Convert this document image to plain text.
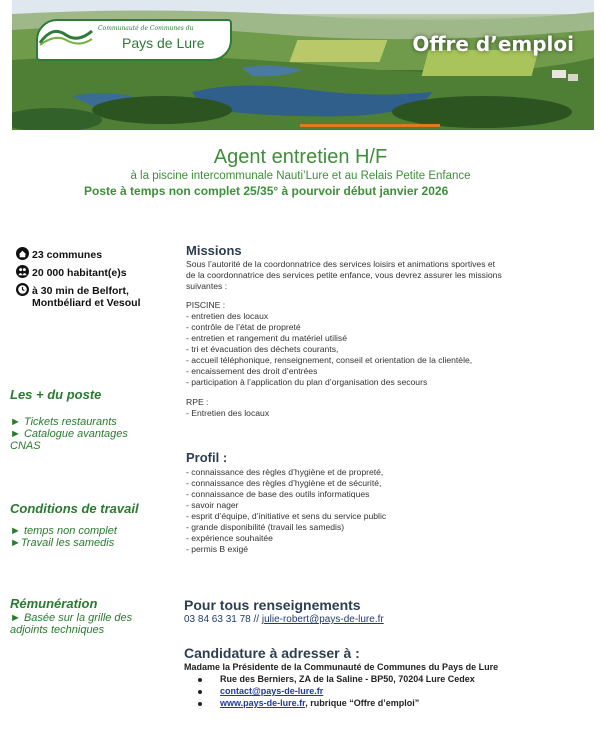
Communauté de Communes du
Pays de Lure	Offre d’emploi
Agent entretien H/F
à la piscine intercommunale Nauti’Lure et au Relais Petite Enfance
Poste à temps non complet 25/35° à pourvoir début janvier 2026
23 communes
20 000 habitant(e)s
à 30 min de Belfort,
Montbéliard et Vesoul
Les + du poste
► Tickets restaurants
► Catalogue avantages
CNAS
Conditions de travail
► temps non complet
►Travail les samedis
Rémunération
► Basée sur la grille des
adjoints techniques
Missions
Sous l’autorité de la coordonnatrice des services loisirs et animations sportives et
de la coordonnatrice des services petite enfance, vous devrez assurer les missions
suivantes :
PISCINE :
- entretien des locaux
- contrôle de l’état de propreté
- entretien et rangement du matériel utilisé
- tri et évacuation des déchets courants,
- accueil téléphonique, renseignement, conseil et orientation de la clientèle,
- encaissement des droit d’entrées
- participation à l’application du plan d’organisation des secours
RPE :
- Entretien des locaux
Profil :
- connaissance des règles d’hygiène et de propreté,
- connaissance des règles d’hygiène et de sécurité,
- connaissance de base des outils informatiques
- savoir nager
- esprit d’équipe, d’initiative et sens du service public
- grande disponibilité (travail les samedis)
- expérience souhaitée
- permis B exigé
Pour tous renseignements
03 84 63 31 78 // julie-robert@pays-de-lure.fr
Candidature à adresser à :
Madame la Présidente de la Communauté de Communes du Pays de Lure
Rue des Berniers, ZA de la Saline - BP50, 70204 Lure Cedex
contact@pays-de-lure.fr
www.pays-de-lure.fr, rubrique “Offre d’emploi”
